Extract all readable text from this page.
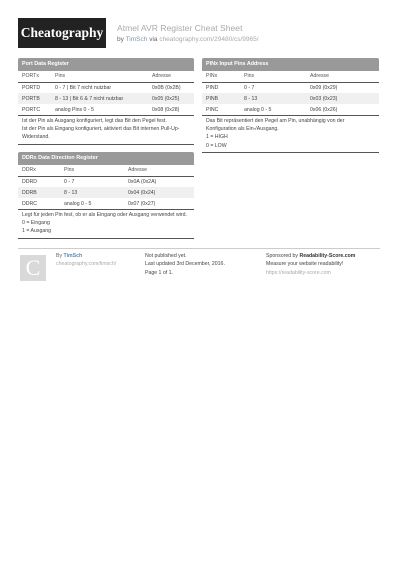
Cheatography	Atmel AVR Register Cheat Sheet
by TimSch via cheatography.com/29480/cs/9965/
Port Data Register
PORTx	Pins	Adresse
PORTD	0 - 7 | Bit 7 nicht nutzbar	0x0B (0x2B)
PORTB	8 - 13 | Bit 6 & 7 nicht nutzbar	0x05 (0x25)
PORTC	analog Pins 0 - 5	0x08 (0x28)
Ist der Pin als Ausgang konfiguriert, legt das Bit den Pegel fest.
Ist der Pin als Eingang konfiguriert, aktiviert das Bit internen Pull-Up-
Widerstand.
PINx Input Pins Address
PINx	Pins	Adresse
PIND	0 - 7	0x09 (0x29)
PINB	8 - 13	0x03 (0x23)
PINC	analog 0 - 5	0x06 (0x26)
Das Bit repräsentiert den Pegel am Pin, unabhängig von der
Konfiguration als Ein-/Ausgang.
1 = HIGH
0 = LOW
DDRx Data Direction Register
DDRx	Pins	Adresse
DDRD	0 - 7	0x0A (0x2A)
DDRB	8 - 13	0x04 (0x24)
DDRC	analog 0 - 5	0x07 (0x27)
Legt für jeden Pin fest, ob er als Eingang oder Ausgang verwendet wird.
0 = Eingang
1 = Ausgang
C	By TimSch
cheatography.com/timsch/
Not published yet.
Last updated 3rd December, 2016.
Page 1 of 1.
Sponsored by Readability-Score.com
Measure your website readability!
https://readability-score.com
